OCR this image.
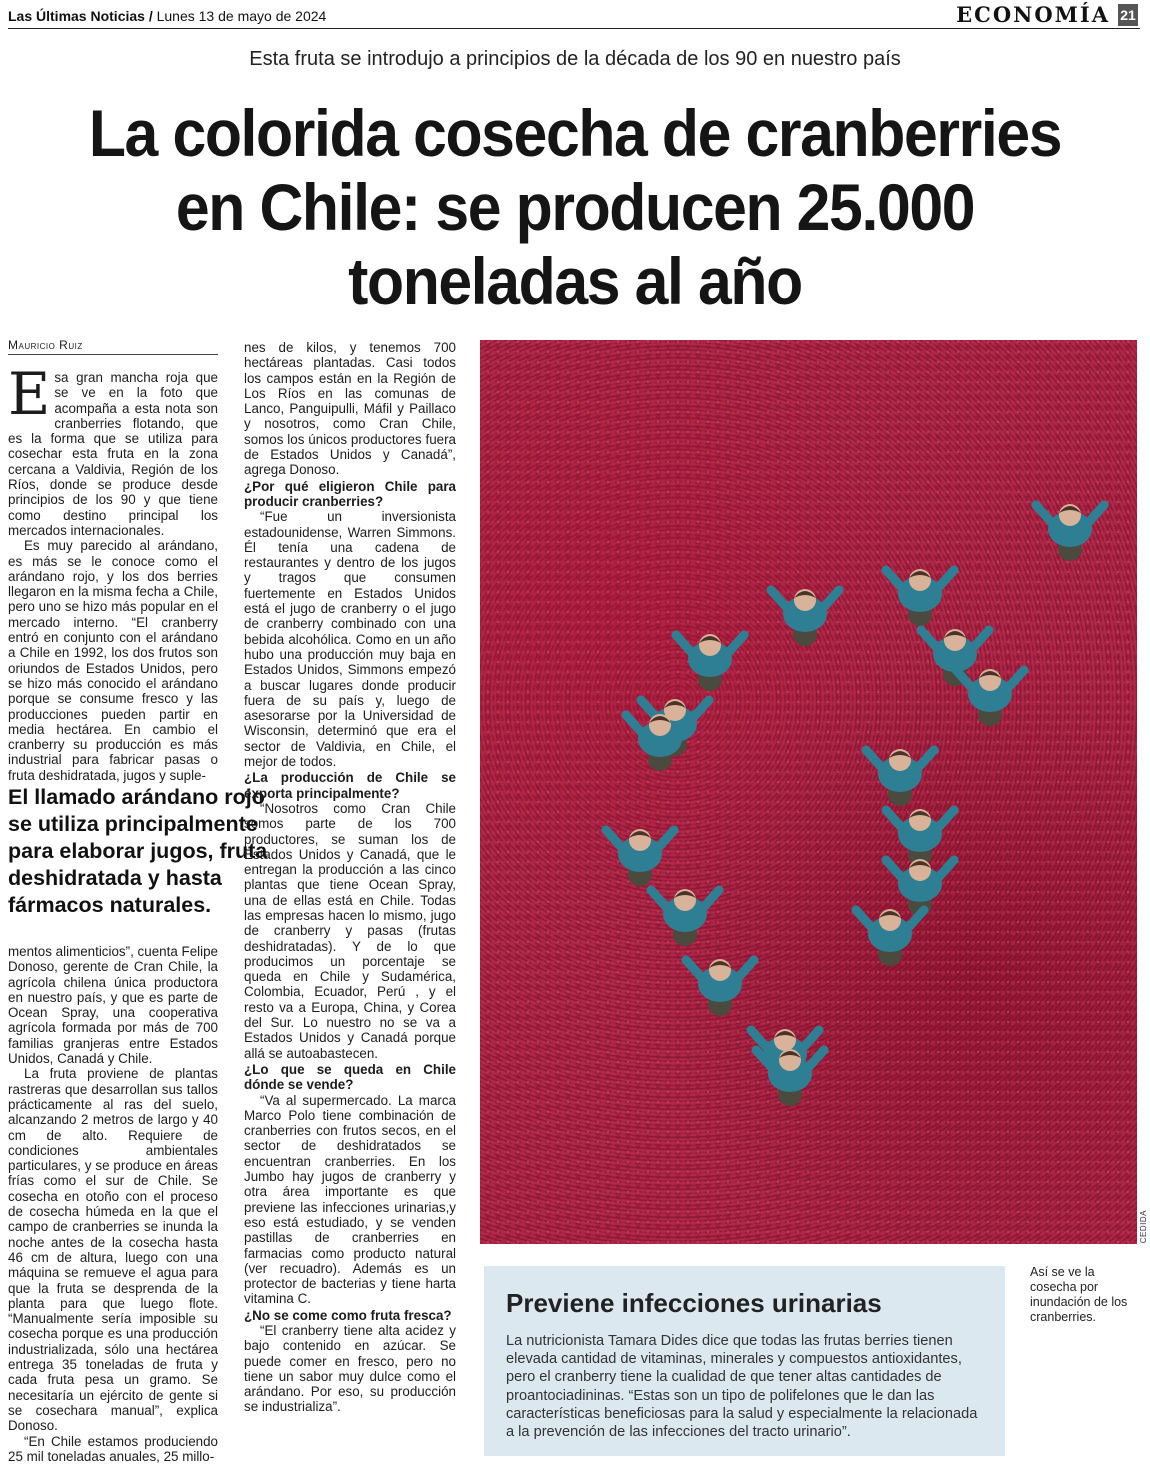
Las Últimas Noticias / Lunes 13 de mayo de 2024	ECONOMÍA 21
Esta fruta se introdujo a principios de la década de los 90 en nuestro país
La colorida cosecha de cranberries en Chile: se producen 25.000 toneladas al año
Mauricio Ruiz

Esa gran mancha roja que se ve en la foto que acompaña a esta nota son cranberries flotando, que es la forma que se utiliza para cosechar esta fruta en la zona cercana a Valdivia, Región de los Ríos, donde se produce desde principios de los 90 y que tiene como destino principal los mercados internacionales.

Es muy parecido al arándano, es más se le conoce como el arándano rojo, y los dos berries llegaron en la misma fecha a Chile, pero uno se hizo más popular en el mercado interno. “El cranberry entró en conjunto con el arándano a Chile en 1992, los dos frutos son oriundos de Estados Unidos, pero se hizo más conocido el arándano porque se consume fresco y las producciones pueden partir en media hectárea. En cambio el cranberry su producción es más industrial para fabricar pasas o fruta deshidratada, jugos y suple-

El llamado arándano rojo se utiliza principalmente para elaborar jugos, fruta deshidratada y hasta fármacos naturales.

mentos alimenticios”, cuenta Felipe Donoso, gerente de Cran Chile, la agrícola chilena única productora en nuestro país, y que es parte de Ocean Spray, una cooperativa agrícola formada por más de 700 familias granjeras entre Estados Unidos, Canadá y Chile.

La fruta proviene de plantas rastreras que desarrollan sus tallos prácticamente al ras del suelo, alcanzando 2 metros de largo y 40 cm de alto. Requiere de condiciones ambientales particulares, y se produce en áreas frías como el sur de Chile. Se cosecha en otoño con el proceso de cosecha húmeda en la que el campo de cranberries se inunda la noche antes de la cosecha hasta 46 cm de altura, luego con una máquina se remueve el agua para que la fruta se desprenda de la planta para que luego flote. “Manualmente sería imposible su cosecha porque es una producción industrializada, sólo una hectárea entrega 35 toneladas de fruta y cada fruta pesa un gramo. Se necesitaría un ejército de gente si se cosechara manual”, explica Donoso.

“En Chile estamos produciendo 25 mil toneladas anuales, 25 millo-

nes de kilos, y tenemos 700 hectáreas plantadas. Casi todos los campos están en la Región de Los Ríos en las comunas de Lanco, Panguipulli, Máfil y Paillaco y nosotros, como Cran Chile, somos los únicos productores fuera de Estados Unidos y Canadá”, agrega Donoso.

¿Por qué eligieron Chile para producir cranberries?

“Fue un inversionista estadounidense, Warren Simmons. Él tenía una cadena de restaurantes y dentro de los jugos y tragos que consumen fuertemente en Estados Unidos está el jugo de cranberry o el jugo de cranberry combinado con una bebida alcohólica. Como en un año hubo una producción muy baja en Estados Unidos, Simmons empezó a buscar lugares donde producir fuera de su país y, luego de asesorarse por la Universidad de Wisconsin, determinó que era el sector de Valdivia, en Chile, el mejor de todos.

¿La producción de Chile se exporta principalmente?

“Nosotros como Cran Chile somos parte de los 700 productores, se suman los de Estados Unidos y Canadá, que le entregan la producción a las cinco plantas que tiene Ocean Spray, una de ellas está en Chile. Todas las empresas hacen lo mismo, jugo de cranberry y pasas (frutas deshidratadas). Y de lo que producimos un porcentaje se queda en Chile y Sudamérica, Colombia, Ecuador, Perú , y el resto va a Europa, China, y Corea del Sur. Lo nuestro no se va a Estados Unidos y Canadá porque allá se autoabastecen.

¿Lo que se queda en Chile dónde se vende?

“Va al supermercado. La marca Marco Polo tiene combinación de cranberries con frutos secos, en el sector de deshidratados se encuentran cranberries. En los Jumbo hay jugos de cranberry y otra área importante es que previene las infecciones urinarias,y eso está estudiado, y se venden pastillas de cranberries en farmacias como producto natural (ver recuadro). Además es un protector de bacterias y tiene harta vitamina C.

¿No se come como fruta fresca?

“El cranberry tiene alta acidez y bajo contenido en azúcar. Se puede comer en fresco, pero no tiene un sabor muy dulce como el arándano. Por eso, su producción se industrializa”.

CEDIDA
Así se ve la cosecha por inundación de los cranberries.
Previene infecciones urinarias
La nutricionista Tamara Dides dice que todas las frutas berries tienen elevada cantidad de vitaminas, minerales y compuestos antioxidantes, pero el cranberry tiene la cualidad de que tener altas cantidades de proantociadininas. “Estas son un tipo de polifelones que le dan las características beneficiosas para la salud y especialmente la relacionada a la prevención de las infecciones del tracto urinario”.
